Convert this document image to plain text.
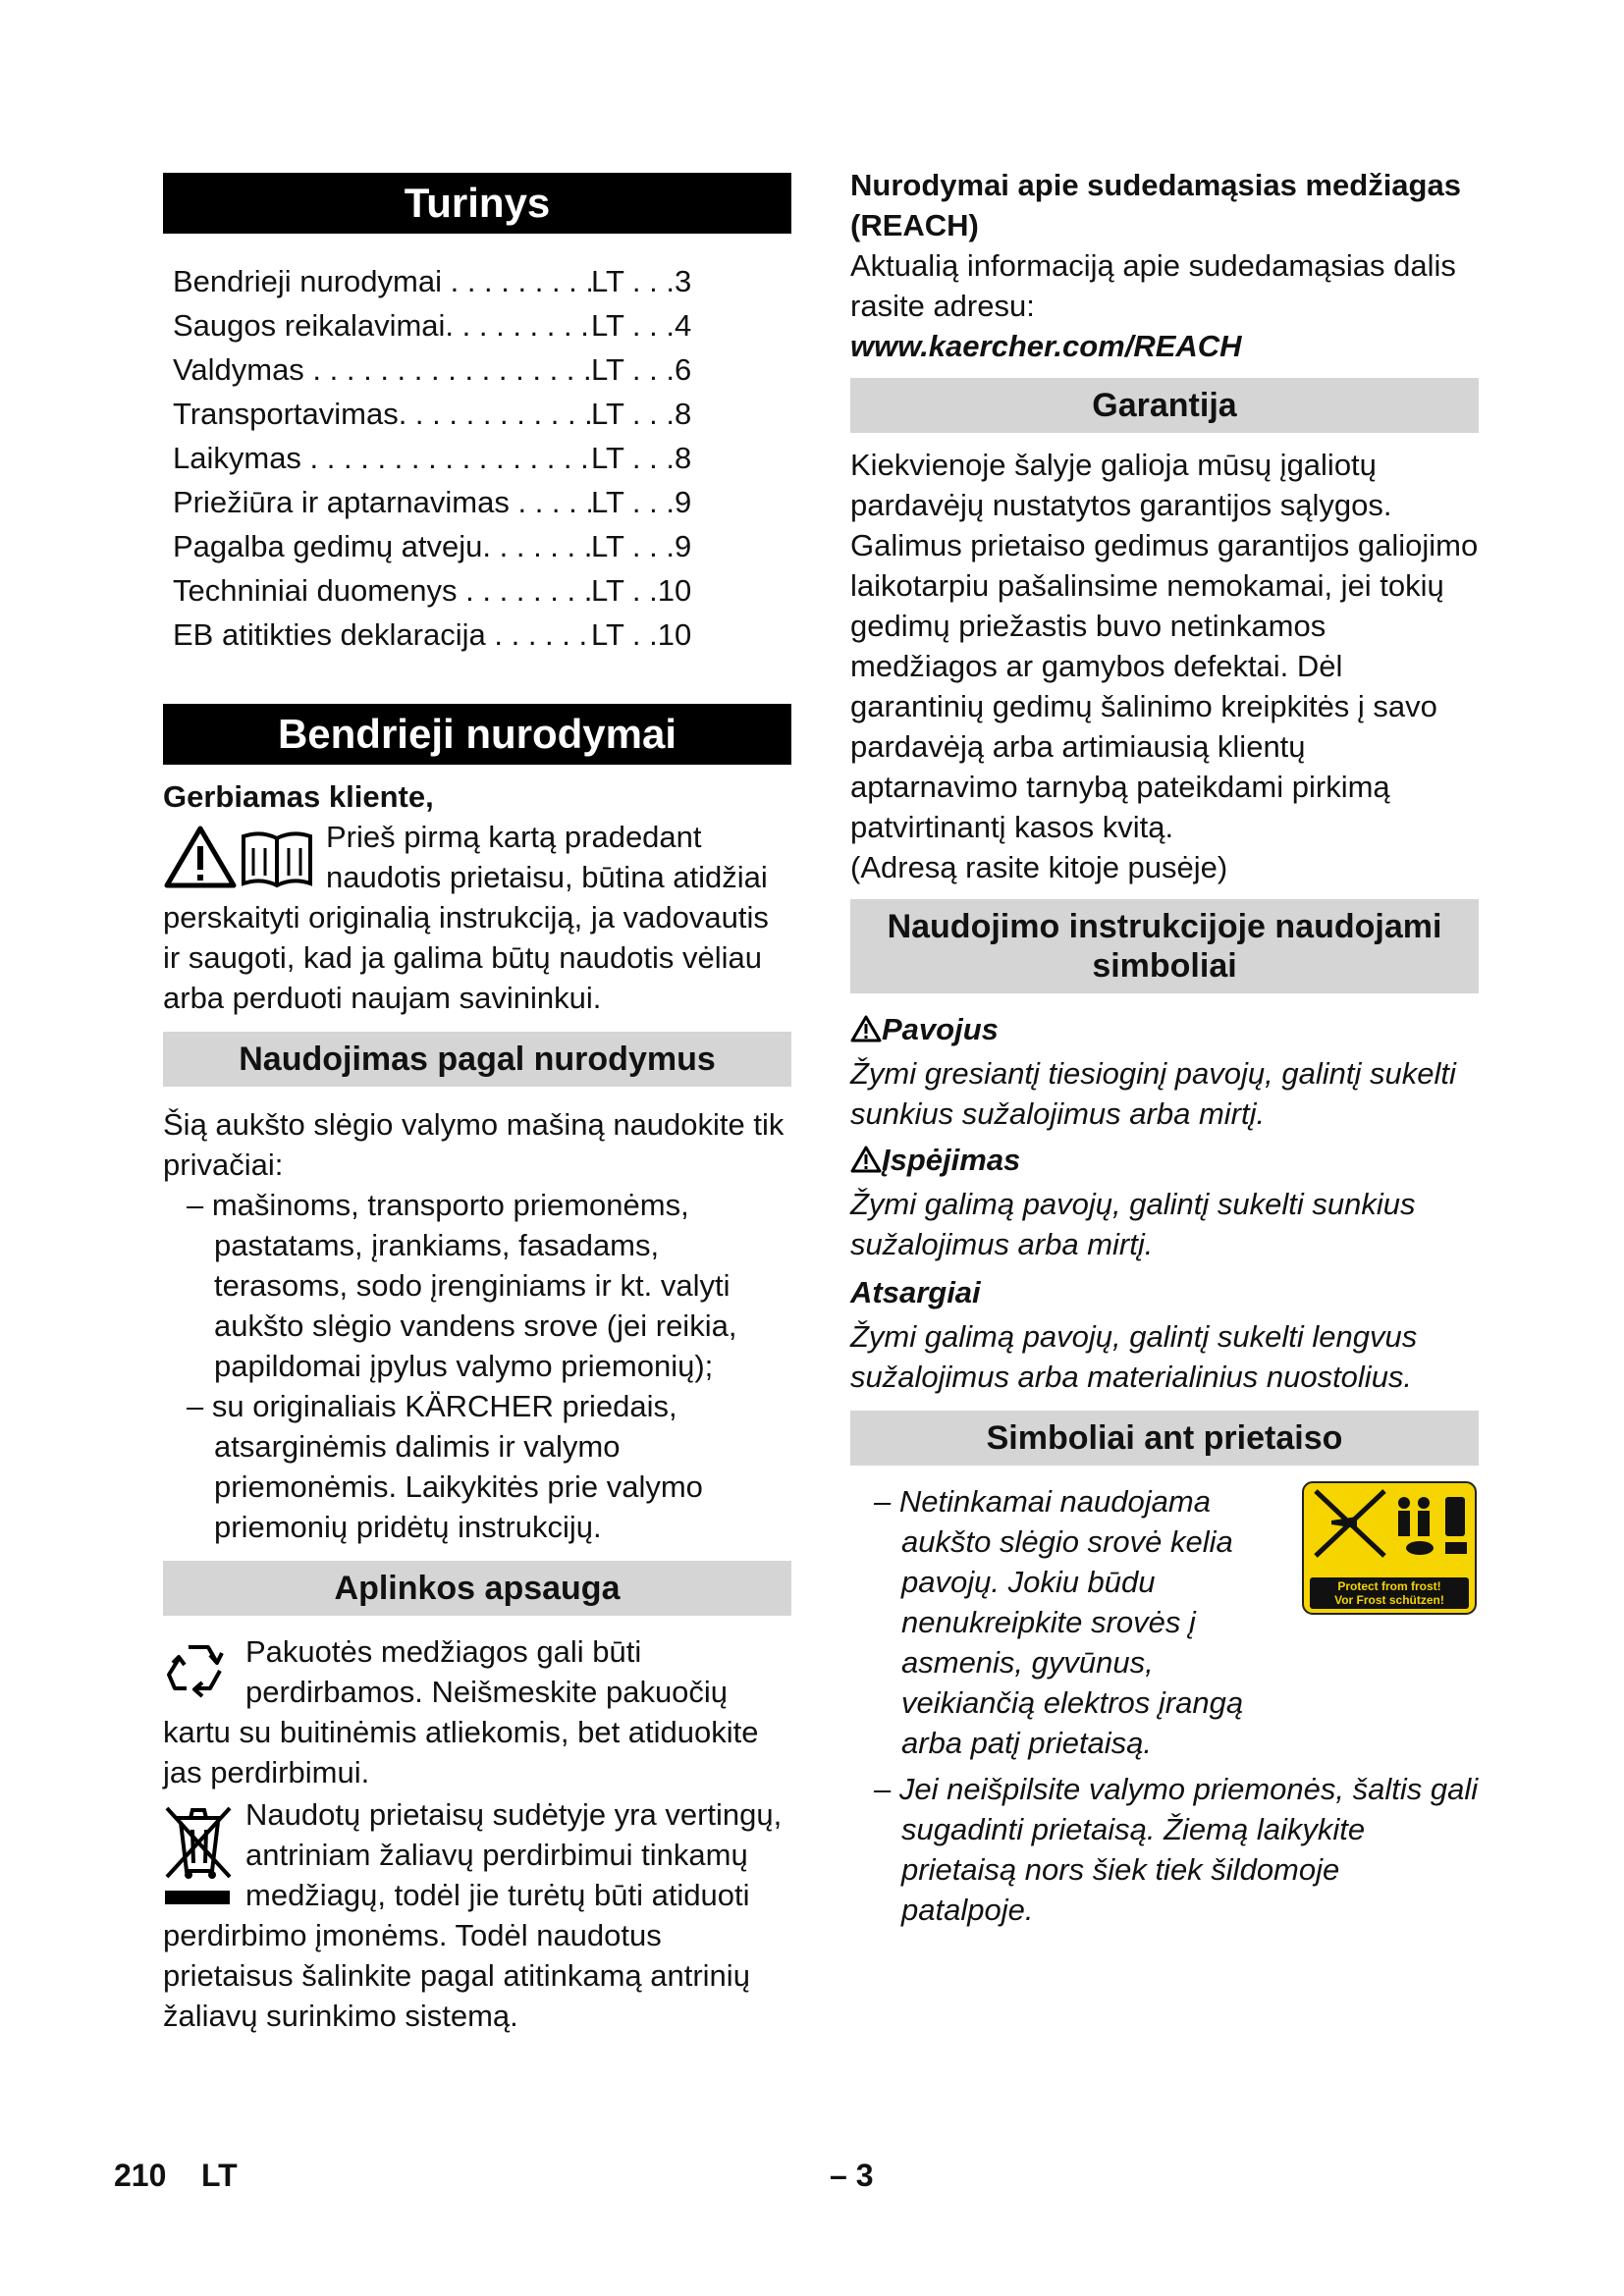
Turinys
Bendrieji nurodymai . . .	LT . . .3
Saugos reikalavimai. . . .	LT . . .4
Valdymas . . .	LT . . .6
Transportavimas. . . .	LT . . .8
Laikymas . . .	LT . . .8
Priežiūra ir aptarnavimas . . .	LT . . .9
Pagalba gedimų atveju. . . .	LT . . .9
Techniniai duomenys . . .	LT . .10
EB atitikties deklaracija . . .	LT . .10
Bendrieji nurodymai

Gerbiamas kliente,

Prieš pirmą kartą pradedant naudotis prietaisu, būtina atidžiai perskaityti originalią instrukciją, ja vadovautis ir saugoti, kad ja galima būtų naudotis vėliau arba perduoti naujam savininkui.

Naudojimas pagal nurodymus

Šią aukšto slėgio valymo mašiną naudokite tik privačiai:

– mašinoms, transporto priemonėms, pastatams, įrankiams, fasadams, terasoms, sodo įrenginiams ir kt. valyti aukšto slėgio vandens srove (jei reikia, papildomai įpylus valymo priemonių);
– su originaliais KÄRCHER priedais, atsarginėmis dalimis ir valymo priemonėmis. Laikykitės prie valymo priemonių pridėtų instrukcijų.
Aplinkos apsauga

Pakuotės medžiagos gali būti perdirbamos. Neišmeskite pakuočių kartu su buitinėmis atliekomis, bet atiduokite jas perdirbimui.

Naudotų prietaisų sudėtyje yra vertingų, antriniam žaliavų perdirbimui tinkamų medžiagų, todėl jie turėtų būti atiduoti perdirbimo įmonėms. Todėl naudotus prietaisus šalinkite pagal atitinkamą antrinių žaliavų surinkimo sistemą.

Nurodymai apie sudedamąsias medžiagas (REACH)

Aktualią informaciją apie sudedamąsias dalis rasite adresu:

www.kaercher.com/REACH

Garantija

Kiekvienoje šalyje galioja mūsų įgaliotų pardavėjų nustatytos garantijos sąlygos. Galimus prietaiso gedimus garantijos galiojimo laikotarpiu pašalinsime nemokamai, jei tokių gedimų priežastis buvo netinkamos medžiagos ar gamybos defektai. Dėl garantinių gedimų šalinimo kreipkitės į savo pardavėją arba artimiausią klientų aptarnavimo tarnybą pateikdami pirkimą patvirtinantį kasos kvitą.

(Adresą rasite kitoje pusėje)

Naudojimo instrukcijoje naudojami simboliai

Pavojus

Žymi gresiantį tiesioginį pavojų, galintį sukelti sunkius sužalojimus arba mirtį.

Įspėjimas

Žymi galimą pavojų, galintį sukelti sunkius sužalojimus arba mirtį.

Atsargiai

Žymi galimą pavojų, galintį sukelti lengvus sužalojimus arba materialinius nuostolius.

Simboliai ant prietaiso
Protect from frost!
Vor Frost schützen!
– Netinkamai naudojama aukšto slėgio srovė kelia pavojų. Jokiu būdu nenukreipkite srovės į asmenis, gyvūnus, veikiančią elektros įrangą arba patį prietaisą.
– Jei neišpilsite valymo priemonės, šaltis gali sugadinti prietaisą. Žiemą laikykite prietaisą nors šiek tiek šildomoje patalpoje.
210 LT	– 3
